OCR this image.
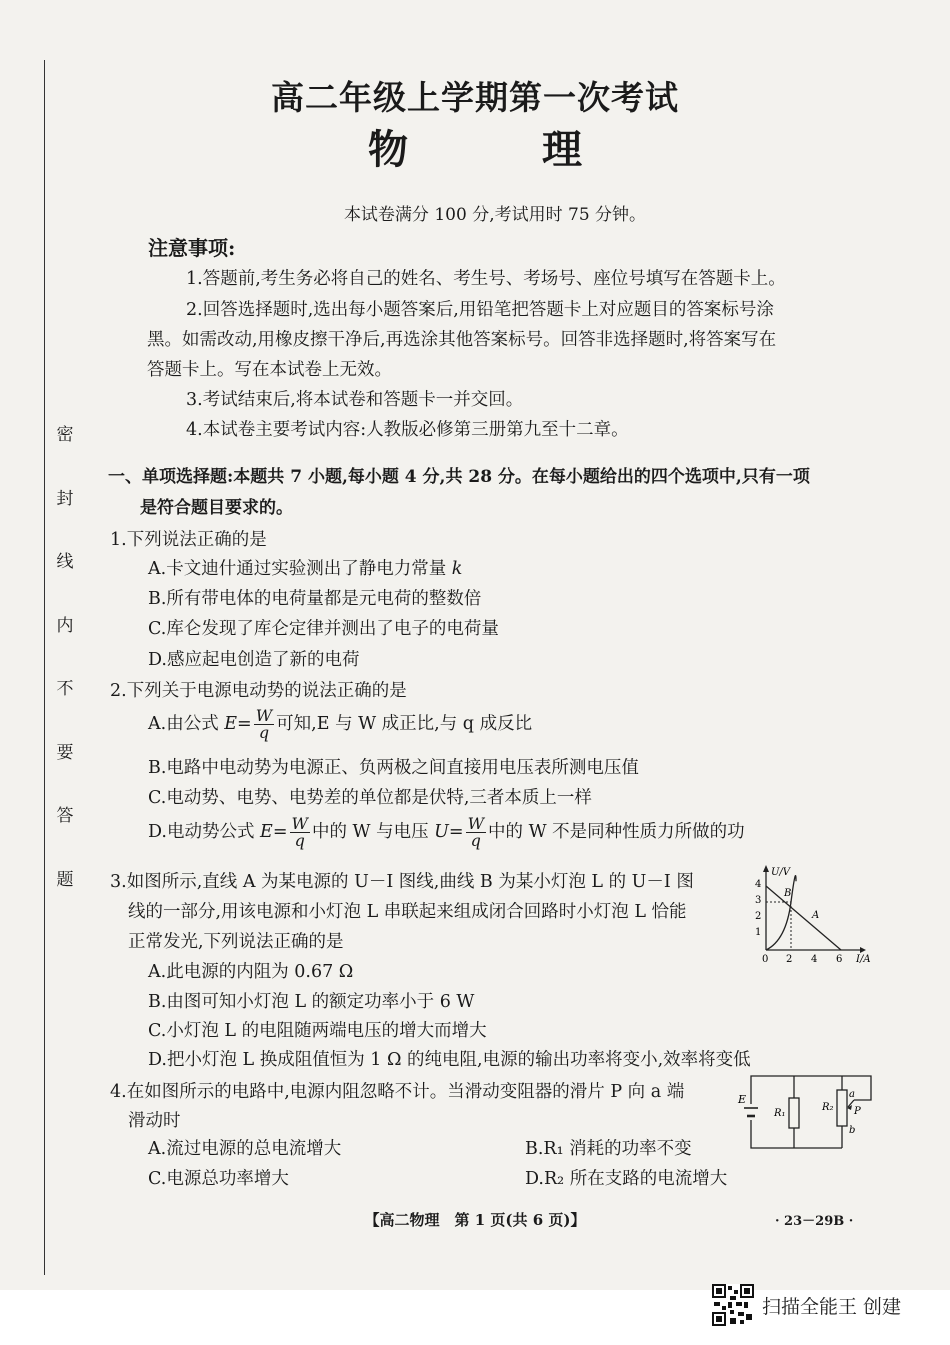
密
封
线
内
不
要
答
题
高二年级上学期第一次考试
物 理
本试卷满分 100 分,考试用时 75 分钟。
注意事项:
1.答题前,考生务必将自己的姓名、考生号、考场号、座位号填写在答题卡上。
2.回答选择题时,选出每小题答案后,用铅笔把答题卡上对应题目的答案标号涂
黑。如需改动,用橡皮擦干净后,再选涂其他答案标号。回答非选择题时,将答案写在
答题卡上。写在本试卷上无效。
3.考试结束后,将本试卷和答题卡一并交回。
4.本试卷主要考试内容:人教版必修第三册第九至十二章。
一、单项选择题:本题共 7 小题,每小题 4 分,共 28 分。在每小题给出的四个选项中,只有一项
是符合题目要求的。
1.下列说法正确的是
A.卡文迪什通过实验测出了静电力常量 k
B.所有带电体的电荷量都是元电荷的整数倍
C.库仑发现了库仑定律并测出了电子的电荷量
D.感应起电创造了新的电荷
2.下列关于电源电动势的说法正确的是
A.由公式 $E= \frac{W}{q}$ 可知,E 与 W 成正比,与 q 成反比
B.电路中电动势为电源正、负两极之间直接用电压表所测电压值
C.电动势、电势、电势差的单位都是伏特,三者本质上一样
D.电动势公式 $E= \frac{W}{q}$ 中的 W 与电压 $U= \frac{W}{q}$ 中的 W 不是同种性质力所做的功
3.如图所示,直线 A 为某电源的 U－I 图线,曲线 B 为某小灯泡 L 的 U－I 图
线的一部分,用该电源和小灯泡 L 串联起来组成闭合回路时小灯泡 L 恰能
正常发光,下列说法正确的是
A.此电源的内阻为 0.67 Ω
B.由图可知小灯泡 L 的额定功率小于 6 W
C.小灯泡 L 的电阻随两端电压的增大而增大
D.把小灯泡 L 换成阻值恒为 1 Ω 的纯电阻,电源的输出功率将变小,效率将变低
U/V
I/A
4
3
2
1
0 2 4 6
B
A
4.在如图所示的电路中,电源内阻忽略不计。当滑动变阻器的滑片 P 向 a 端
滑动时
A.流过电源的总电流增大	B.R₁ 消耗的功率不变
C.电源总功率增大	D.R₂ 所在支路的电流增大
E
R₁
R₂
a
b
P
【高二物理　第 1 页(共 6 页)】	· 23－29B ·
扫描全能王 创建
